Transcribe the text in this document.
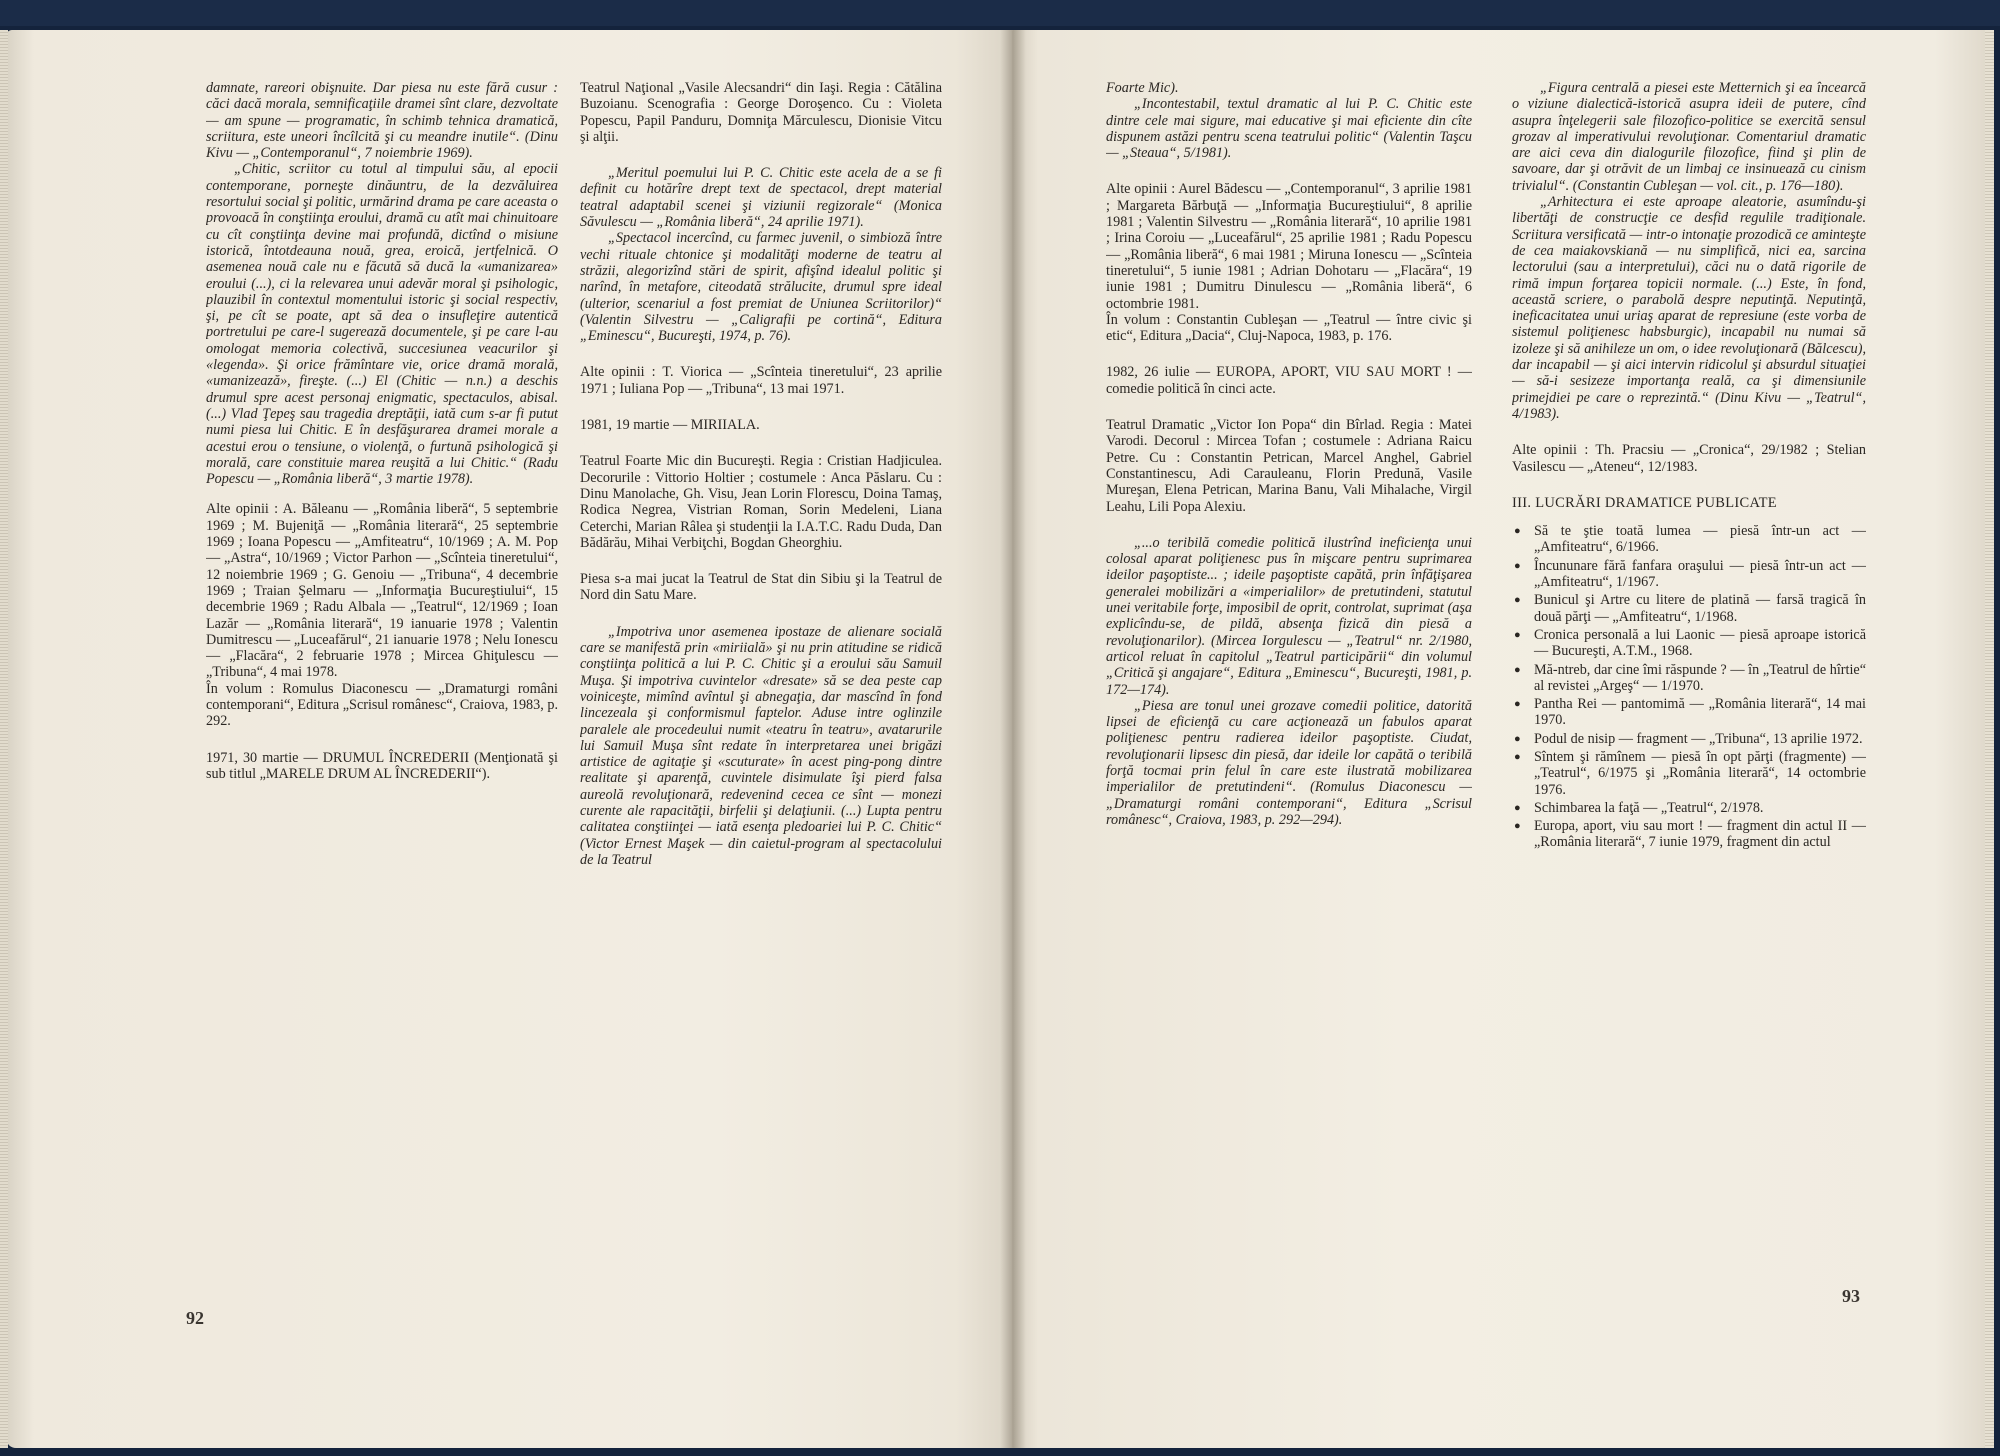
damnate, rareori obişnuite. Dar piesa nu este fără cusur : căci dacă morala, semnificaţiile dramei sînt clare, dezvoltate — am spune — programatic, în schimb tehnica dramatică, scriitura, este uneori încîlcită şi cu meandre inutile“. (Dinu Kivu — „Contemporanul“, 7 noiembrie 1969).

„Chitic, scriitor cu totul al timpului său, al epocii contemporane, porneşte dinăuntru, de la dezvăluirea resortului social şi politic, urmărind drama pe care aceasta o provoacă în conştiinţa eroului, dramă cu atît mai chinuitoare cu cît conştiinţa devine mai profundă, dictînd o misiune istorică, întotdeauna nouă, grea, eroică, jertfelnică. O asemenea nouă cale nu e făcută să ducă la «umanizarea» eroului (...), ci la relevarea unui adevăr moral şi psihologic, plauzibil în contextul momentului istoric şi social respectiv, şi, pe cît se poate, apt să dea o insufleţire autentică portretului pe care-l sugerează documentele, şi pe care l-au omologat memoria colectivă, succesiunea veacurilor şi «legenda». Şi orice frămîntare vie, orice dramă morală, «umanizează», fireşte. (...) El (Chitic — n.n.) a deschis drumul spre acest personaj enigmatic, spectaculos, abisal. (...) Vlad Ţepeş sau tragedia dreptăţii, iată cum s-ar fi putut numi piesa lui Chitic. E în desfăşurarea dramei morale a acestui erou o tensiune, o violenţă, o furtună psihologică şi morală, care constituie marea reuşită a lui Chitic.“ (Radu Popescu — „România liberă“, 3 martie 1978).

Alte opinii : A. Băleanu — „România liberă“, 5 septembrie 1969 ; M. Bujeniţă — „România literară“, 25 septembrie 1969 ; Ioana Popescu — „Amfiteatru“, 10/1969 ; A. M. Pop — „Astra“, 10/1969 ; Victor Parhon — „Scînteia tineretului“, 12 noiembrie 1969 ; G. Genoiu — „Tribuna“, 4 decembrie 1969 ; Traian Şelmaru — „Informaţia Bucureştiului“, 15 decembrie 1969 ; Radu Albala — „Teatrul“, 12/1969 ; Ioan Lazăr — „România literară“, 19 ianuarie 1978 ; Valentin Dumitrescu — „Luceafărul“, 21 ianuarie 1978 ; Nelu Ionescu — „Flacăra“, 2 februarie 1978 ; Mircea Ghiţulescu — „Tribuna“, 4 mai 1978.

În volum : Romulus Diaconescu — „Dramaturgi români contemporani“, Editura „Scrisul românesc“, Craiova, 1983, p. 292.

1971, 30 martie — DRUMUL ÎNCREDERII (Menţionată şi sub titlul „MARELE DRUM AL ÎNCREDERII“).

Teatrul Naţional „Vasile Alecsandri“ din Iaşi. Regia : Cătălina Buzoianu. Scenografia : George Doroşenco. Cu : Violeta Popescu, Papil Panduru, Domniţa Mărculescu, Dionisie Vitcu şi alţii.

„Meritul poemului lui P. C. Chitic este acela de a se fi definit cu hotărîre drept text de spectacol, drept material teatral adaptabil scenei şi viziunii regizorale“ (Monica Săvulescu — „România liberă“, 24 aprilie 1971).

„Spectacol incercînd, cu farmec juvenil, o simbioză între vechi rituale chtonice şi modalităţi moderne de teatru al străzii, alegorizînd stări de spirit, afişînd idealul politic şi narînd, în metafore, citeodată strălucite, drumul spre ideal (ulterior, scenariul a fost premiat de Uniunea Scriitorilor)“ (Valentin Silvestru — „Caligrafii pe cortină“, Editura „Eminescu“, Bucureşti, 1974, p. 76).

Alte opinii : T. Viorica — „Scînteia tineretului“, 23 aprilie 1971 ; Iuliana Pop — „Tribuna“, 13 mai 1971.

1981, 19 martie — MIRIIALA.

Teatrul Foarte Mic din Bucureşti. Regia : Cristian Hadjiculea. Decorurile : Vittorio Holtier ; costumele : Anca Păslaru. Cu : Dinu Manolache, Gh. Visu, Jean Lorin Florescu, Doina Tamaş, Rodica Negrea, Vistrian Roman, Sorin Medeleni, Liana Ceterchi, Marian Râlea şi studenţii la I.A.T.C. Radu Duda, Dan Bădărău, Mihai Verbiţchi, Bogdan Gheorghiu.

Piesa s-a mai jucat la Teatrul de Stat din Sibiu şi la Teatrul de Nord din Satu Mare.

„Impotriva unor asemenea ipostaze de alienare socială care se manifestă prin «miriială» şi nu prin atitudine se ridică conştiinţa politică a lui P. C. Chitic şi a eroului său Samuil Muşa. Şi impotriva cuvintelor «dresate» să se dea peste cap voiniceşte, mimînd avîntul şi abnegaţia, dar mascînd în fond lincezeala şi conformismul faptelor. Aduse intre oglinzile paralele ale procedeului numit «teatru în teatru», avatarurile lui Samuil Muşa sînt redate în interpretarea unei brigăzi artistice de agitaţie şi «scuturate» în acest ping-pong dintre realitate şi aparenţă, cuvintele disimulate îşi pierd falsa aureolă revoluţionară, redevenind cecea ce sînt — monezi curente ale rapacităţii, birfelii şi delaţiunii. (...) Lupta pentru calitatea conştiinţei — iată esenţa pledoariei lui P. C. Chitic“ (Victor Ernest Maşek — din caietul-program al spectacolului de la Teatrul

92

Foarte Mic).

„Incontestabil, textul dramatic al lui P. C. Chitic este dintre cele mai sigure, mai educative şi mai eficiente din cîte dispunem astăzi pentru scena teatrului politic“ (Valentin Taşcu — „Steaua“, 5/1981).

Alte opinii : Aurel Bădescu — „Contemporanul“, 3 aprilie 1981 ; Margareta Bărbuţă — „Informaţia Bucureştiului“, 8 aprilie 1981 ; Valentin Silvestru — „România literară“, 10 aprilie 1981 ; Irina Coroiu — „Luceafărul“, 25 aprilie 1981 ; Radu Popescu — „România liberă“, 6 mai 1981 ; Miruna Ionescu — „Scînteia tineretului“, 5 iunie 1981 ; Adrian Dohotaru — „Flacăra“, 19 iunie 1981 ; Dumitru Dinulescu — „România liberă“, 6 octombrie 1981.

În volum : Constantin Cubleşan — „Teatrul — între civic şi etic“, Editura „Dacia“, Cluj-Napoca, 1983, p. 176.

1982, 26 iulie — EUROPA, APORT, VIU SAU MORT ! — comedie politică în cinci acte.

Teatrul Dramatic „Victor Ion Popa“ din Bîrlad. Regia : Matei Varodi. Decorul : Mircea Tofan ; costumele : Adriana Raicu Petre. Cu : Constantin Petrican, Marcel Anghel, Gabriel Constantinescu, Adi Carauleanu, Florin Predună, Vasile Mureşan, Elena Petrican, Marina Banu, Vali Mihalache, Virgil Leahu, Lili Popa Alexiu.

„...o teribilă comedie politică ilustrînd ineficienţa unui colosal aparat poliţienesc pus în mişcare pentru suprimarea ideilor paşoptiste... ; ideile paşoptiste capătă, prin înfăţişarea generalei mobilizări a «imperialilor» de pretutindeni, statutul unei veritabile forţe, imposibil de oprit, controlat, suprimat (aşa explicîndu-se, de pildă, absenţa fizică din piesă a revoluţionarilor). (Mircea Iorgulescu — „Teatrul“ nr. 2/1980, articol reluat în capitolul „Teatrul participării“ din volumul „Critică şi angajare“, Editura „Eminescu“, Bucureşti, 1981, p. 172—174).

„Piesa are tonul unei grozave comedii politice, datorită lipsei de eficienţă cu care acţionează un fabulos aparat poliţienesc pentru radierea ideilor paşoptiste. Ciudat, revoluţionarii lipsesc din piesă, dar ideile lor capătă o teribilă forţă tocmai prin felul în care este ilustrată mobilizarea imperialilor de pretutindeni“. (Romulus Diaconescu — „Dramaturgi români contemporani“, Editura „Scrisul românesc“, Craiova, 1983, p. 292—294).

„Figura centrală a piesei este Metternich şi ea încearcă o viziune dialectică-istorică asupra ideii de putere, cînd asupra înţelegerii sale filozofico-politice se exercită sensul grozav al imperativului revoluţionar. Comentariul dramatic are aici ceva din dialogurile filozofice, fiind şi plin de savoare, dar şi otrăvit de un limbaj ce insinuează cu cinism trivialul“. (Constantin Cubleşan — vol. cit., p. 176—180).

„Arhitectura ei este aproape aleatorie, asumîndu-şi libertăţi de construcţie ce desfid regulile tradiţionale. Scriitura versificată — intr-o intonaţie prozodică ce aminteşte de cea maiakovskiană — nu simplifică, nici ea, sarcina lectorului (sau a interpretului), căci nu o dată rigorile de rimă impun forţarea topicii normale. (...) Este, în fond, această scriere, o parabolă despre neputinţă. Neputinţă, ineficacitatea unui uriaş aparat de represiune (este vorba de sistemul poliţienesc habsburgic), incapabil nu numai să izoleze şi să anihileze un om, o idee revoluţionară (Bălcescu), dar incapabil — şi aici intervin ridicolul şi absurdul situaţiei — să-i sesizeze importanţa reală, ca şi dimensiunile primejdiei pe care o reprezintă.“ (Dinu Kivu — „Teatrul“, 4/1983).

Alte opinii : Th. Pracsiu — „Cronica“, 29/1982 ; Stelian Vasilescu — „Ateneu“, 12/1983.

III. LUCRĂRI DRAMATICE PUBLICATE
● Să te ştie toată lumea — piesă într-un act — „Amfiteatru“, 6/1966.
● Încununare fără fanfara oraşului — piesă într-un act — „Amfiteatru“, 1/1967.
● Bunicul şi Artre cu litere de platină — farsă tragică în două părţi — „Amfiteatru“, 1/1968.
● Cronica personală a lui Laonic — piesă aproape istorică — Bucureşti, A.T.M., 1968.
● Mă-ntreb, dar cine îmi răspunde ? — în „Teatrul de hîrtie“ al revistei „Argeş“ — 1/1970.
● Pantha Rei — pantomimă — „România literară“, 14 mai 1970.
● Podul de nisip — fragment — „Tribuna“, 13 aprilie 1972.
● Sîntem şi rămînem — piesă în opt părţi (fragmente) — „Teatrul“, 6/1975 şi „România literară“, 14 octombrie 1976.
● Schimbarea la faţă — „Teatrul“, 2/1978.
● Europa, aport, viu sau mort ! — fragment din actul II — „România literară“, 7 iunie 1979, fragment din actul
93
